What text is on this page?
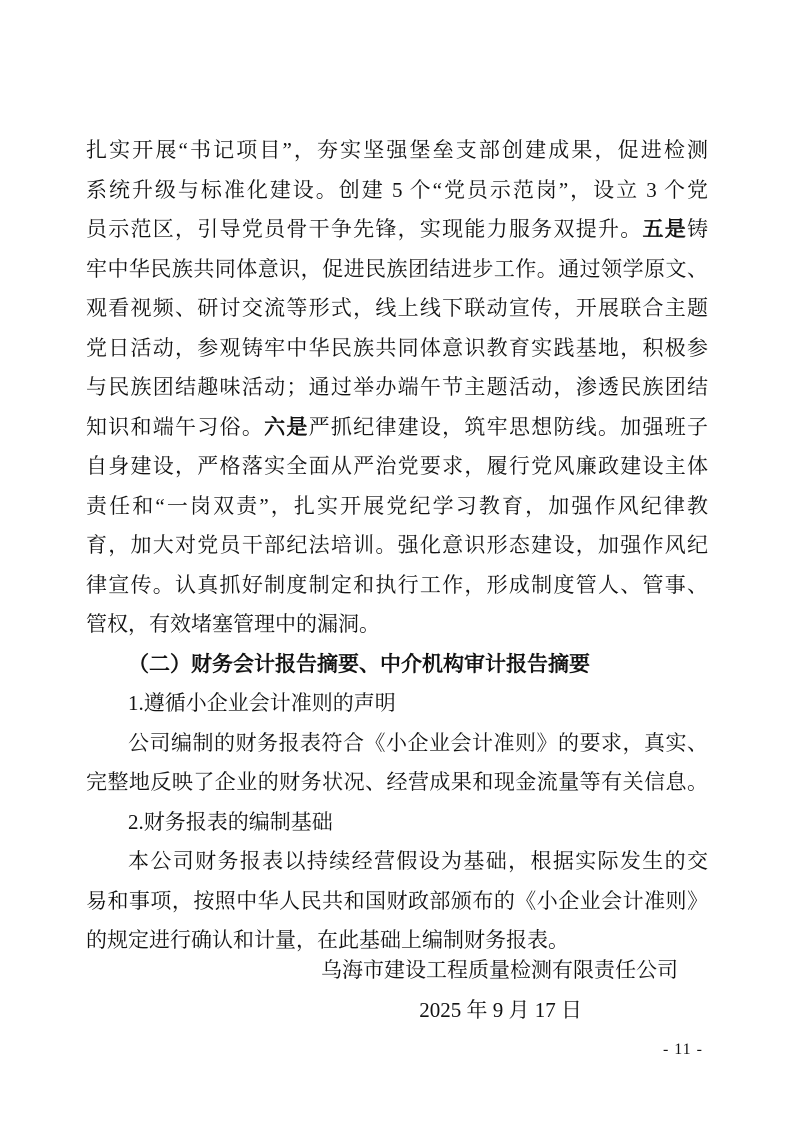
扎实开展“书记项目”，夯实坚强堡垒支部创建成果，促进检测
系统升级与标准化建设。创建 5 个“党员示范岗”，设立 3 个党
员示范区，引导党员骨干争先锋，实现能力服务双提升。五是铸
牢中华民族共同体意识，促进民族团结进步工作。通过领学原文、
观看视频、研讨交流等形式，线上线下联动宣传，开展联合主题
党日活动，参观铸牢中华民族共同体意识教育实践基地，积极参
与民族团结趣味活动；通过举办端午节主题活动，渗透民族团结
知识和端午习俗。六是严抓纪律建设，筑牢思想防线。加强班子
自身建设，严格落实全面从严治党要求，履行党风廉政建设主体
责任和“一岗双责”，扎实开展党纪学习教育，加强作风纪律教
育，加大对党员干部纪法培训。强化意识形态建设，加强作风纪
律宣传。认真抓好制度制定和执行工作，形成制度管人、管事、
管权，有效堵塞管理中的漏洞。
（二）财务会计报告摘要、中介机构审计报告摘要
1.遵循小企业会计准则的声明
公司编制的财务报表符合《小企业会计准则》的要求，真实、
完整地反映了企业的财务状况、经营成果和现金流量等有关信息。
2.财务报表的编制基础
本公司财务报表以持续经营假设为基础，根据实际发生的交
易和事项，按照中华人民共和国财政部颁布的《小企业会计准则》
的规定进行确认和计量，在此基础上编制财务报表。
乌海市建设工程质量检测有限责任公司
2025 年 9 月 17 日
- 11 -
